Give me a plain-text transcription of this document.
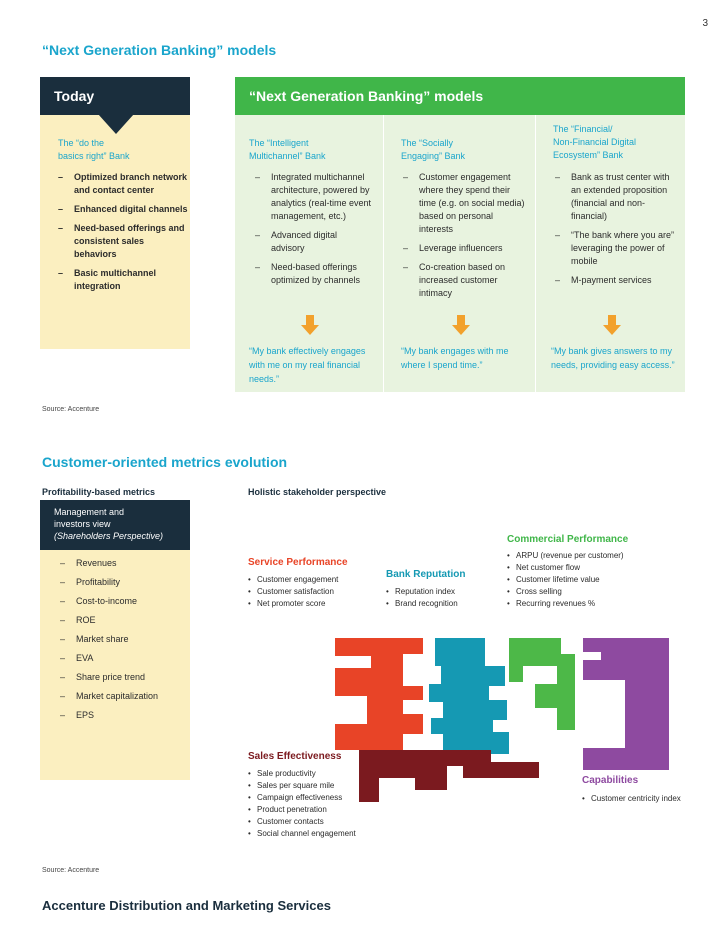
3
“Next Generation Banking” models
Today
The “do the
basics right” Bank
– Optimized branch network and contact center
– Enhanced digital channels
– Need-based offerings and consistent sales behaviors
– Basic multichannel integration
“Next Generation Banking” models
The “Intelligent
Multichannel” Bank
– Integrated multichannel architecture, powered by analytics (real-time event management, etc.)
– Advanced digital advisory
– Need-based offerings optimized by channels
“My bank effectively engages with me on my real financial needs.”
The “Socially
Engaging” Bank
– Customer engagement where they spend their time (e.g. on social media) based on personal interests
– Leverage influencers
– Co-creation based on increased customer intimacy
“My bank engages with me where I spend time.”
The “Financial/
Non-Financial Digital
Ecosystem” Bank
– Bank as trust center with an extended proposition (financial and non-financial)
– “The bank where you are” leveraging the power of mobile
– M-payment services
“My bank gives answers to my needs, providing easy access.”
Source: Accenture
Customer-oriented metrics evolution
Profitability-based metrics	Holistic stakeholder perspective
Management and
investors view
(Shareholders Perspective)
– Revenues
– Profitability
– Cost-to-income
– ROE
– Market share
– EVA
– Share price trend
– Market capitalization
– EPS
Service Performance
• Customer engagement
• Customer satisfaction
• Net promoter score
Bank Reputation
• Reputation index
• Brand recognition
Commercial Performance
• ARPU (revenue per customer)
• Net customer flow
• Customer lifetime value
• Cross selling
• Recurring revenues %
Sales Effectiveness
• Sale productivity
• Sales per square mile
• Campaign effectiveness
• Product penetration
• Customer contacts
• Social channel engagement
Capabilities
• Customer centricity index
Source: Accenture
Accenture Distribution and Marketing Services
